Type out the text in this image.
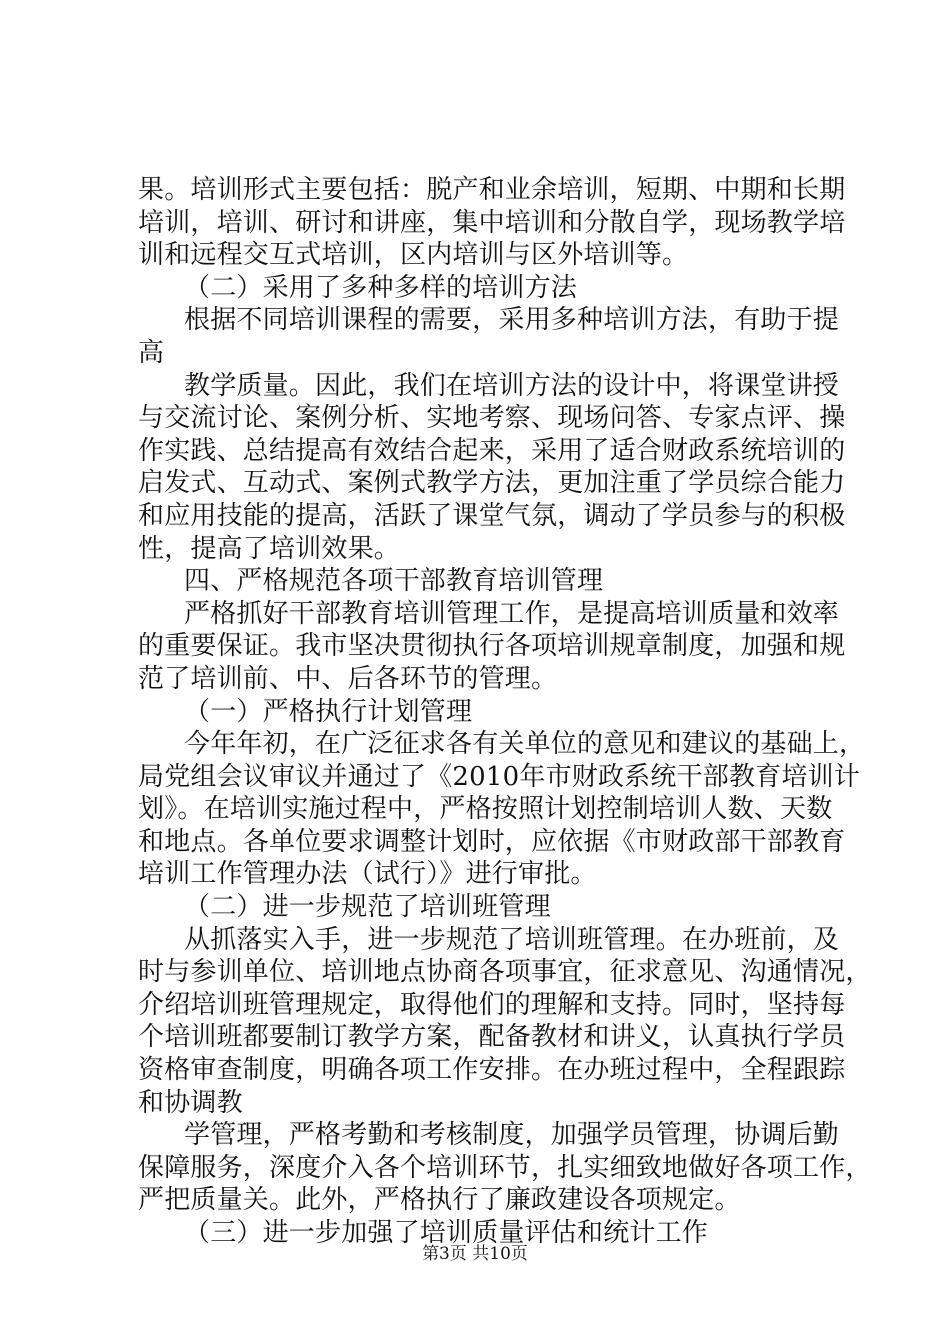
果。培训形式主要包括：脱产和业余培训，短期、中期和长期
培训，培训、研讨和讲座，集中培训和分散自学，现场教学培
训和远程交互式培训，区内培训与区外培训等。
（二）采用了多种多样的培训方法
根据不同培训课程的需要，采用多种培训方法，有助于提
高
教学质量。因此，我们在培训方法的设计中，将课堂讲授
与交流讨论、案例分析、实地考察、现场问答、专家点评、操
作实践、总结提高有效结合起来，采用了适合财政系统培训的
启发式、互动式、案例式教学方法，更加注重了学员综合能力
和应用技能的提高，活跃了课堂气氛，调动了学员参与的积极
性，提高了培训效果。
四、严格规范各项干部教育培训管理
严格抓好干部教育培训管理工作，是提高培训质量和效率
的重要保证。我市坚决贯彻执行各项培训规章制度，加强和规
范了培训前、中、后各环节的管理。
（一）严格执行计划管理
今年年初，在广泛征求各有关单位的意见和建议的基础上，
局党组会议审议并通过了《2010年市财政系统干部教育培训计
划》。在培训实施过程中，严格按照计划控制培训人数、天数
和地点。各单位要求调整计划时，应依据《市财政部干部教育
培训工作管理办法（试行）》进行审批。
（二）进一步规范了培训班管理
从抓落实入手，进一步规范了培训班管理。在办班前，及
时与参训单位、培训地点协商各项事宜，征求意见、沟通情况，
介绍培训班管理规定，取得他们的理解和支持。同时，坚持每
个培训班都要制订教学方案，配备教材和讲义，认真执行学员
资格审查制度，明确各项工作安排。在办班过程中，全程跟踪
和协调教
学管理，严格考勤和考核制度，加强学员管理，协调后勤
保障服务，深度介入各个培训环节，扎实细致地做好各项工作，
严把质量关。此外，严格执行了廉政建设各项规定。
（三）进一步加强了培训质量评估和统计工作
第3页 共10页
